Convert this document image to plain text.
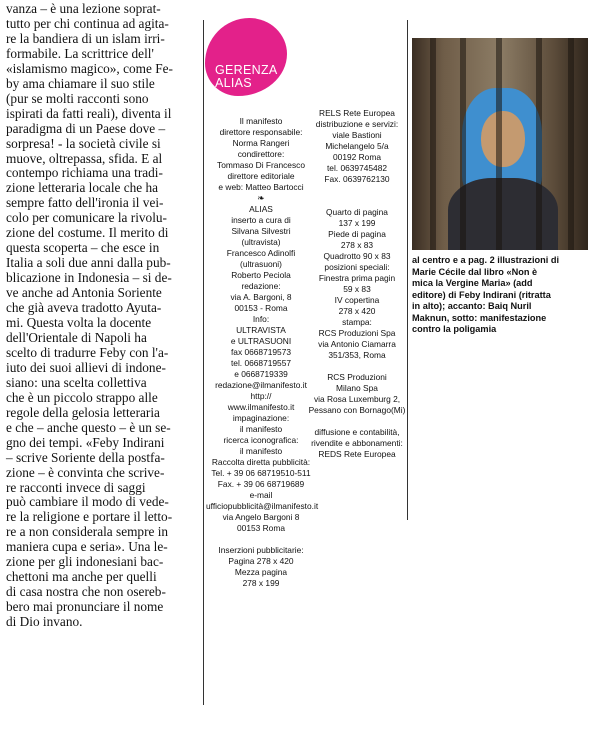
vanza – è una lezione soprat-

tutto per chi continua ad agita-

re la bandiera di un islam irri-

formabile. La scrittrice dell'

«islamismo magico», come Fe-

by ama chiamare il suo stile

(pur se molti racconti sono

ispirati da fatti reali), diventa il

paradigma di un Paese dove –

sorpresa! - la società civile si

muove, oltrepassa, sfida. E al

contempo richiama una tradi-

zione letteraria locale che ha

sempre fatto dell'ironia il vei-

colo per comunicare la rivolu-

zione del costume. Il merito di

questa scoperta – che esce in

Italia a soli due anni dalla pub-

blicazione in Indonesia – si de-

ve anche ad Antonia Soriente

che già aveva tradotto Ayutа-

mi. Questa volta la docente

dell'Orientale di Napoli ha

scelto di tradurre Feby con l'a-

iuto dei suoi allievi di indone-

siano: una scelta collettiva

che è un piccolo strappo alle

regole della gelosia letteraria

e che – anche questo – è un se-

gno dei tempi. «Feby Indirani

– scrive Soriente della postfa-

zione – è convinta che scrive-

re racconti invece di saggi

può cambiare il modo di vede-

re la religione e portare il letto-

re a non considerala sempre in

maniera cupa e seria». Una le-

zione per gli indonesiani bac-

chettoni ma anche per quelli

di casa nostra che non oserеb-

bero mai pronunciare il nome

di Dio invano.

GERENZA
ALIAS
Il manifesto
direttore responsabile:
Norma Rangeri
condirettore:
Tommaso Di Francesco
direttore editoriale
e web: Matteo Bartocci
❧
ALIAS
inserto a cura di
Silvana Silvestri
(ultravista)
Francesco Adinolfi
(ultrasuoni)
Roberto Peciola
redazione:
via A. Bargoni, 8
00153 - Roma
Info:
ULTRAVISTA
e ULTRASUONI
fax 0668719573
tel. 0668719557
e 0668719339
redazione@ilmanifesto.it
http://
www.ilmanifesto.it
impaginazione:
il manifesto
ricerca iconografica:
il manifesto
Raccolta diretta pubblicità:
Tel. + 39 06 68719510-511
Fax. + 39 06 68719689
e-mail
ufficiopubblicità@ilmanifesto.it
via Angelo Bargoni 8
00153 Roma
Inserzioni pubblicitarie:
Pagina 278 x 420
Mezza pagina
278 x 199
RELS Rete Europea
distribuzione e servizi:
viale Bastioni
Michelangelo 5/a
00192 Roma
tel. 0639745482
Fax. 0639762130
Quarto di pagina
137 x 199
Piede di pagina
278 x 83
Quadrotto 90 x 83
posizioni speciali:
Finestra prima pagin
59 x 83
IV copertina
278 x 420
stampa:
RCS Produzioni Spa
via Antonio Ciamarra
351/353, Roma
RCS Produzioni
Milano Spa
via Rosa Luxemburg 2,
Pessano con Bornago(Mi)
diffusione e contabilità,
rivendite e abbonamenti:
REDS Rete Europea
al centro e a pag. 2 illustrazioni di
Marie Cécile dal libro «Non è
mica la Vergine Maria» (add
editore) di Feby Indirani (ritratta
in alto); accanto: Baiq Nuril
Maknun, sotto: manifestazione
contro la poligamia
